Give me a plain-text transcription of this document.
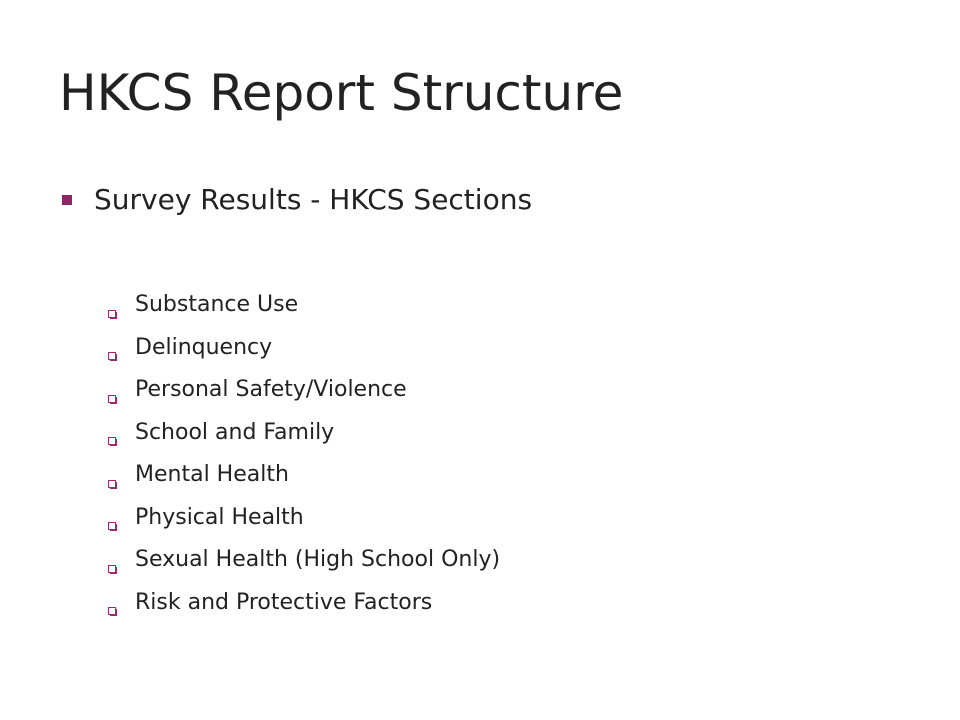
HKCS Report Structure
Survey Results - HKCS Sections
Substance Use
Delinquency
Personal Safety/Violence
School and Family
Mental Health
Physical Health
Sexual Health (High School Only)
Risk and Protective Factors
